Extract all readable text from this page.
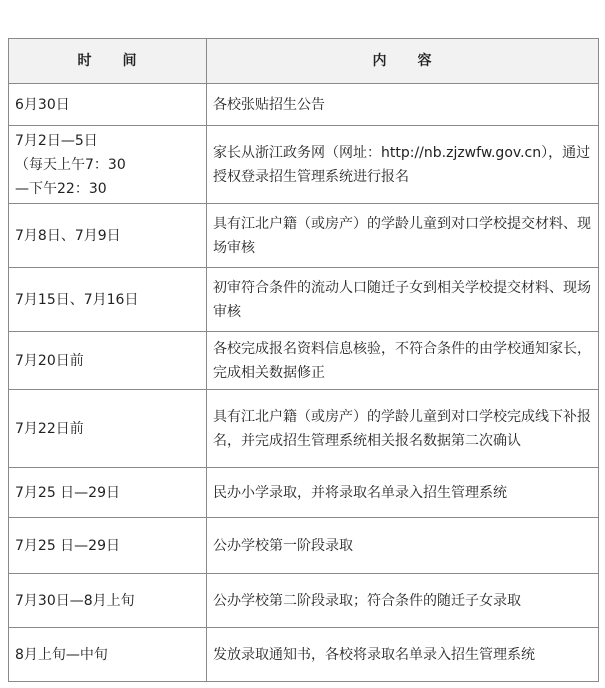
时　　间	内　　容

6月30日	各校张贴招生公告

7月2日—5日
（每天上午7：30
—下午22：30	家长从浙江政务网（网址：http://nb.zjzwfw.gov.cn），通过授权登录招生管理系统进行报名

7月8日、7月9日	具有江北户籍（或房产）的学龄儿童到对口学校提交材料、现场审核

7月15日、7月16日	初审符合条件的流动人口随迁子女到相关学校提交材料、现场审核

7月20日前	各校完成报名资料信息核验，不符合条件的由学校通知家长，完成相关数据修正

7月22日前	具有江北户籍（或房产）的学龄儿童到对口学校完成线下补报名，并完成招生管理系统相关报名数据第二次确认

7月25 日—29日	民办小学录取，并将录取名单录入招生管理系统

7月25 日—29日	公办学校第一阶段录取

7月30日—8月上旬	公办学校第二阶段录取；符合条件的随迁子女录取

8月上旬—中旬	发放录取通知书，各校将录取名单录入招生管理系统
